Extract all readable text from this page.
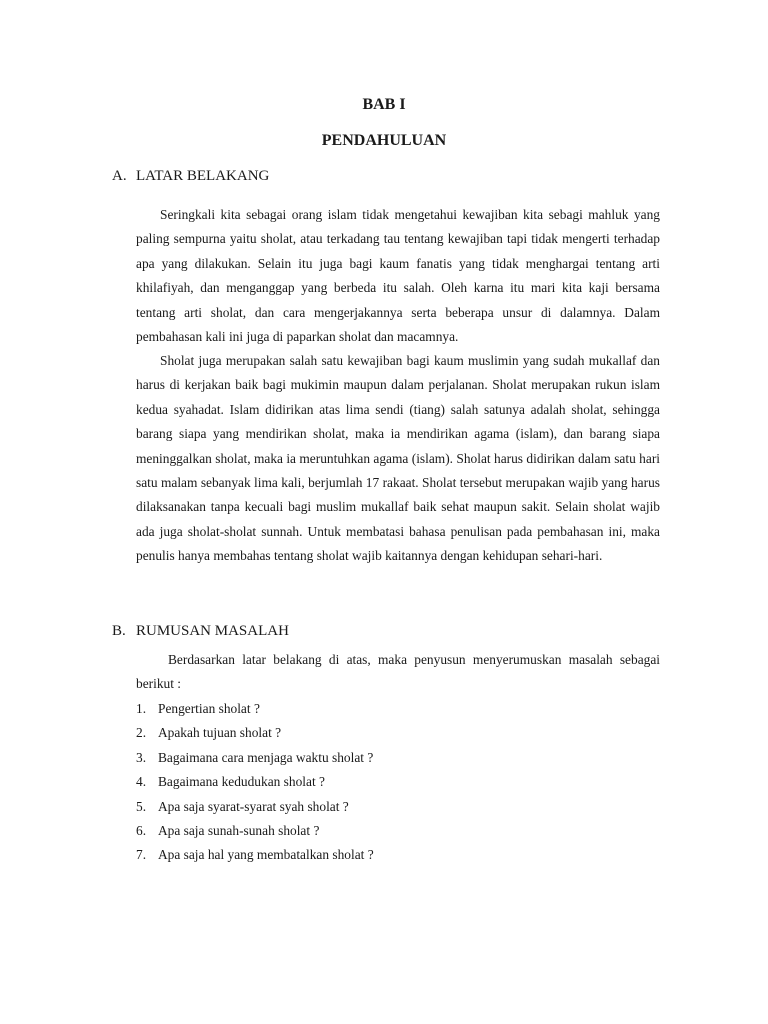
BAB I
PENDAHULUAN
A. LATAR BELAKANG

Seringkali kita sebagai orang islam tidak mengetahui kewajiban kita sebagi mahluk yang paling sempurna yaitu sholat, atau terkadang tau tentang kewajiban tapi tidak mengerti terhadap apa yang dilakukan. Selain itu juga bagi kaum fanatis yang tidak menghargai tentang arti khilafiyah, dan menganggap yang berbeda itu salah. Oleh karna itu mari kita kaji bersama tentang arti sholat, dan cara mengerjakannya serta beberapa unsur di dalamnya. Dalam pembahasan kali ini juga di paparkan sholat dan macamnya.

Sholat juga merupakan salah satu kewajiban bagi kaum muslimin yang sudah mukallaf dan harus di kerjakan baik bagi mukimin maupun dalam perjalanan. Sholat merupakan rukun islam kedua syahadat. Islam didirikan atas lima sendi (tiang) salah satunya adalah sholat, sehingga barang siapa yang mendirikan sholat, maka ia mendirikan agama (islam), dan barang siapa meninggalkan sholat, maka ia meruntuhkan agama (islam). Sholat harus didirikan dalam satu hari satu malam sebanyak lima kali, berjumlah 17 rakaat. Sholat tersebut merupakan wajib yang harus dilaksanakan tanpa kecuali bagi muslim mukallaf baik sehat maupun sakit. Selain sholat wajib ada juga sholat-sholat sunnah. Untuk membatasi bahasa penulisan pada pembahasan ini, maka penulis hanya membahas tentang sholat wajib kaitannya dengan kehidupan sehari-hari.

B. RUMUSAN MASALAH

Berdasarkan latar belakang di atas, maka penyusun menyerumuskan masalah sebagai berikut :

1. Pengertian sholat ?
2. Apakah tujuan sholat ?
3. Bagaimana cara menjaga waktu sholat ?
4. Bagaimana kedudukan sholat ?
5. Apa saja syarat-syarat syah sholat ?
6. Apa saja sunah-sunah sholat ?
7. Apa saja hal yang membatalkan sholat ?
